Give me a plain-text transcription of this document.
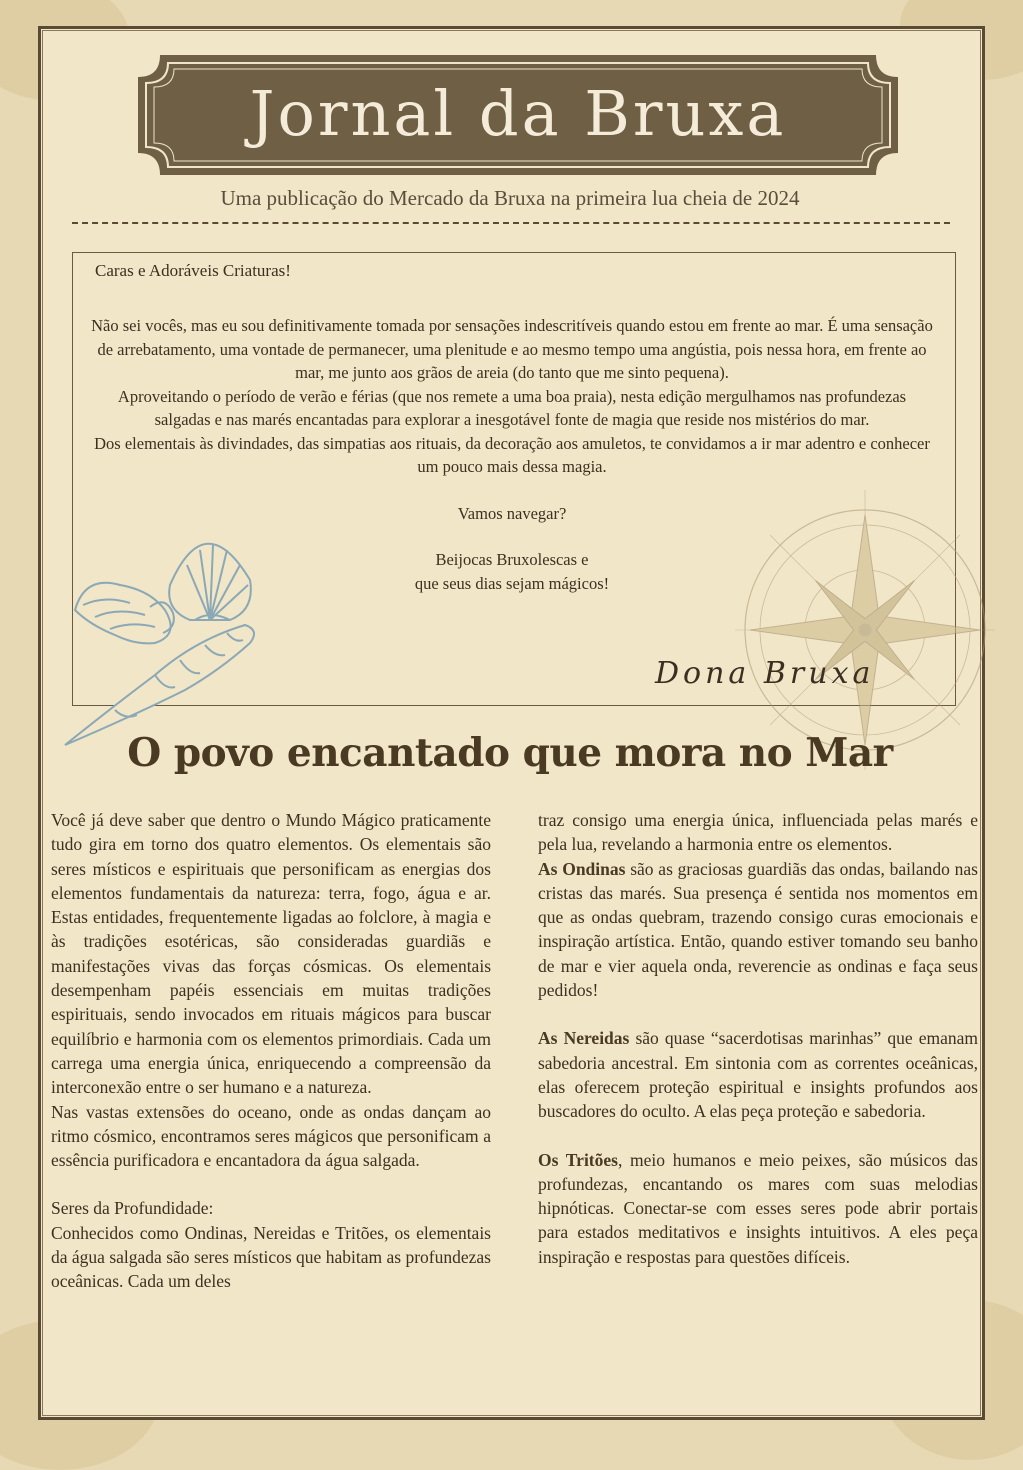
Jornal da Bruxa
Uma publicação do Mercado da Bruxa na primeira lua cheia de 2024
Caras e Adoráveis Criaturas!

Não sei vocês, mas eu sou definitivamente tomada por sensações indescritíveis quando estou em frente ao mar. É uma sensação de arrebatamento, uma vontade de permanecer, uma plenitude e ao mesmo tempo uma angústia, pois nessa hora, em frente ao mar, me junto aos grãos de areia (do tanto que me sinto pequena).

Aproveitando o período de verão e férias (que nos remete a uma boa praia), nesta edição mergulhamos nas profundezas salgadas e nas marés encantadas para explorar a inesgotável fonte de magia que reside nos mistérios do mar.

Dos elementais às divindades, das simpatias aos rituais, da decoração aos amuletos, te convidamos a ir mar adentro e conhecer um pouco mais dessa magia.

Vamos navegar?

Beijocas Bruxolescas e

que seus dias sejam mágicos!

Dona Bruxa
O povo encantado que mora no Mar

Você já deve saber que dentro o Mundo Mágico praticamente tudo gira em torno dos quatro elementos. Os elementais são seres místicos e espirituais que personificam as energias dos elementos fundamentais da natureza: terra, fogo, água e ar. Estas entidades, frequentemente ligadas ao folclore, à magia e às tradições esotéricas, são consideradas guardiãs e manifestações vivas das forças cósmicas. Os elementais desempenham papéis essenciais em muitas tradições espirituais, sendo invocados em rituais mágicos para buscar equilíbrio e harmonia com os elementos primordiais. Cada um carrega uma energia única, enriquecendo a compreensão da interconexão entre o ser humano e a natureza.

Nas vastas extensões do oceano, onde as ondas dançam ao ritmo cósmico, encontramos seres mágicos que personificam a essência purificadora e encantadora da água salgada.

Seres da Profundidade:

Conhecidos como Ondinas, Nereidas e Tritões, os elementais da água salgada são seres místicos que habitam as profundezas oceânicas. Cada um deles

traz consigo uma energia única, influenciada pelas marés e pela lua, revelando a harmonia entre os elementos.

As Ondinas são as graciosas guardiãs das ondas, bailando nas cristas das marés. Sua presença é sentida nos momentos em que as ondas quebram, trazendo consigo curas emocionais e inspiração artística. Então, quando estiver tomando seu banho de mar e vier aquela onda, reverencie as ondinas e faça seus pedidos!

As Nereidas são quase “sacerdotisas marinhas” que emanam sabedoria ancestral. Em sintonia com as correntes oceânicas, elas oferecem proteção espiritual e insights profundos aos buscadores do oculto. A elas peça proteção e sabedoria.

Os Tritões, meio humanos e meio peixes, são músicos das profundezas, encantando os mares com suas melodias hipnóticas. Conectar-se com esses seres pode abrir portais para estados meditativos e insights intuitivos. A eles peça inspiração e respostas para questões difíceis.
